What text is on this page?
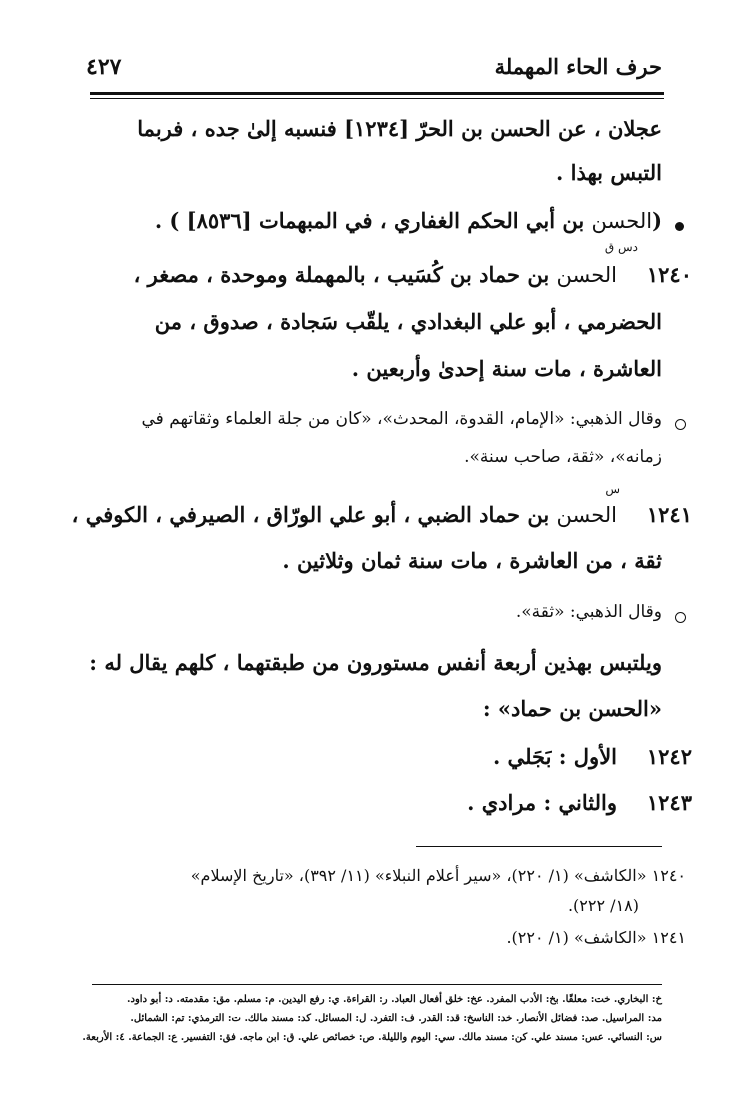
حرف الحاء المهملة
٤٢٧
عجلان ، عن الحسن بن الحرّ [١٢٣٤] فنسبه إلىٰ جده ، فربما
التبس بهذا .
(الحسن بن أبي الحكم الغفاري ، في المبهمات [٨٥٣٦] ) .
دس ق
١٢٤٠
الحسن بن حماد بن كُسَيب ، بالمهملة وموحدة ، مصغر ،
الحضرمي ، أبو علي البغدادي ، يلقّب سَجادة ، صدوق ، من
العاشرة ، مات سنة إحدىٰ وأربعين .
وقال الذهبي: «الإمام، القدوة، المحدث»، «كان من جلة العلماء وثقاتهم في
زمانه»، «ثقة، صاحب سنة».
س
١٢٤١
الحسن بن حماد الضبي ، أبو علي الورّاق ، الصيرفي ، الكوفي ،
ثقة ، من العاشرة ، مات سنة ثمان وثلاثين .
وقال الذهبي: «ثقة».
ويلتبس بهذين أربعة أنفس مستورون من طبقتهما ، كلهم يقال له :
«الحسن بن حماد» :
١٢٤٢
الأول : بَجَلي .
١٢٤٣
والثاني : مرادي .
١٢٤٠ «الكاشف» (١/ ٢٢٠)، «سير أعلام النبلاء» (١١/ ٣٩٢)، «تاريخ الإسلام»
(١٨/ ٢٢٢).
١٢٤١ «الكاشف» (١/ ٢٢٠).
خ: البخاري. خت: معلقًا. بخ: الأدب المفرد. عخ: خلق أفعال العباد. ر: القراءة. ي: رفع اليدين. م: مسلم. مق: مقدمته. د: أبو داود.
مد: المراسيل. صد: فضائل الأنصار. خد: الناسخ: قد: القدر. ف: التفرد. ل: المسائل. كد: مسند مالك. ت: الترمذي: تم: الشمائل.
س: النسائي. عس: مسند علي. كن: مسند مالك. سي: اليوم والليلة. ص: خصائص علي. ق: ابن ماجه. فق: التفسير. ع: الجماعة. ٤: الأربعة.
